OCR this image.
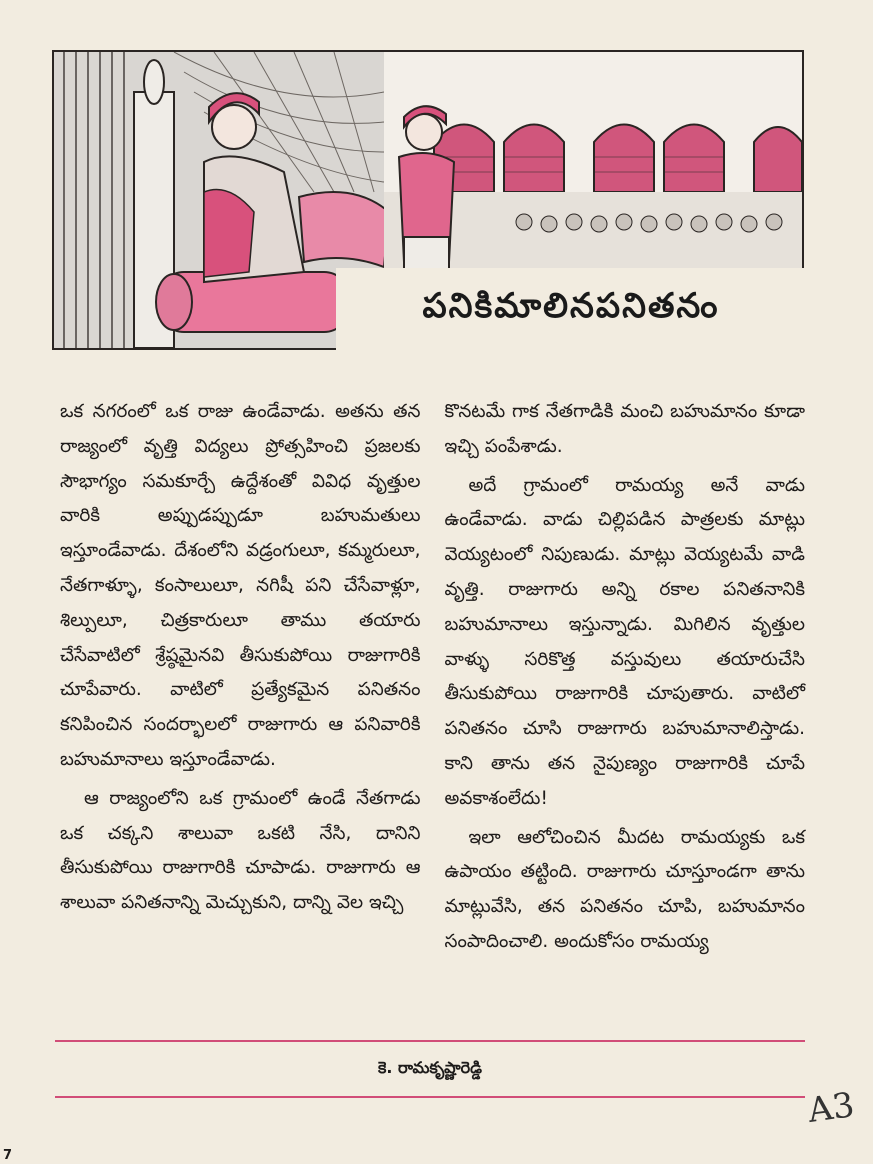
పనికిమాలినపనితనం

ఒక నగరంలో ఒక రాజు ఉండేవాడు. అతను తన రాజ్యంలో వృత్తి విద్యలు ప్రోత్సహించి ప్రజలకు సౌభాగ్యం సమకూర్చే ఉద్దేశంతో వివిధ వృత్తుల వారికి అప్పుడప్పుడూ బహుమతులు ఇస్తూండేవాడు. దేశంలోని వడ్రంగులూ, కమ్మరులూ, నేతగాళ్ళూ, కంసాలులూ, నగిషీ పని చేసేవాళ్లూ, శిల్పులూ, చిత్రకారులూ తాము తయారు చేసేవాటిలో శ్రేష్ఠమైనవి తీసుకుపోయి రాజుగారికి చూపేవారు. వాటిలో ప్రత్యేకమైన పనితనం కనిపించిన సందర్భాలలో రాజుగారు ఆ పనివారికి బహుమానాలు ఇస్తూండేవాడు.

ఆ రాజ్యంలోని ఒక గ్రామంలో ఉండే నేతగాడు ఒక చక్కని శాలువా ఒకటి నేసి, దానిని తీసుకుపోయి రాజుగారికి చూపాడు. రాజుగారు ఆ శాలువా పనితనాన్ని మెచ్చుకుని, దాన్ని వెల ఇచ్చి

కొనటమే గాక నేతగాడికి మంచి బహుమానం కూడా ఇచ్చి పంపేశాడు.

అదే గ్రామంలో రామయ్య అనే వాడు ఉండేవాడు. వాడు చిల్లిపడిన పాత్రలకు మాట్లు వెయ్యటంలో నిపుణుడు. మాట్లు వెయ్యటమే వాడి వృత్తి. రాజుగారు అన్ని రకాల పనితనానికి బహుమానాలు ఇస్తున్నాడు. మిగిలిన వృత్తుల వాళ్ళు సరికొత్త వస్తువులు తయారుచేసి తీసుకుపోయి రాజుగారికి చూపుతారు. వాటిలో పనితనం చూసి రాజుగారు బహుమానాలిస్తాడు. కాని తాను తన నైపుణ్యం రాజుగారికి చూపే అవకాశంలేదు!

ఇలా ఆలోచించిన మీదట రామయ్యకు ఒక ఉపాయం తట్టింది. రాజుగారు చూస్తూండగా తాను మాట్లువేసి, తన పనితనం చూపి, బహుమానం సంపాదించాలి. అందుకోసం రామయ్య

కె. రామకృష్ణారెడ్డి
7
A3
